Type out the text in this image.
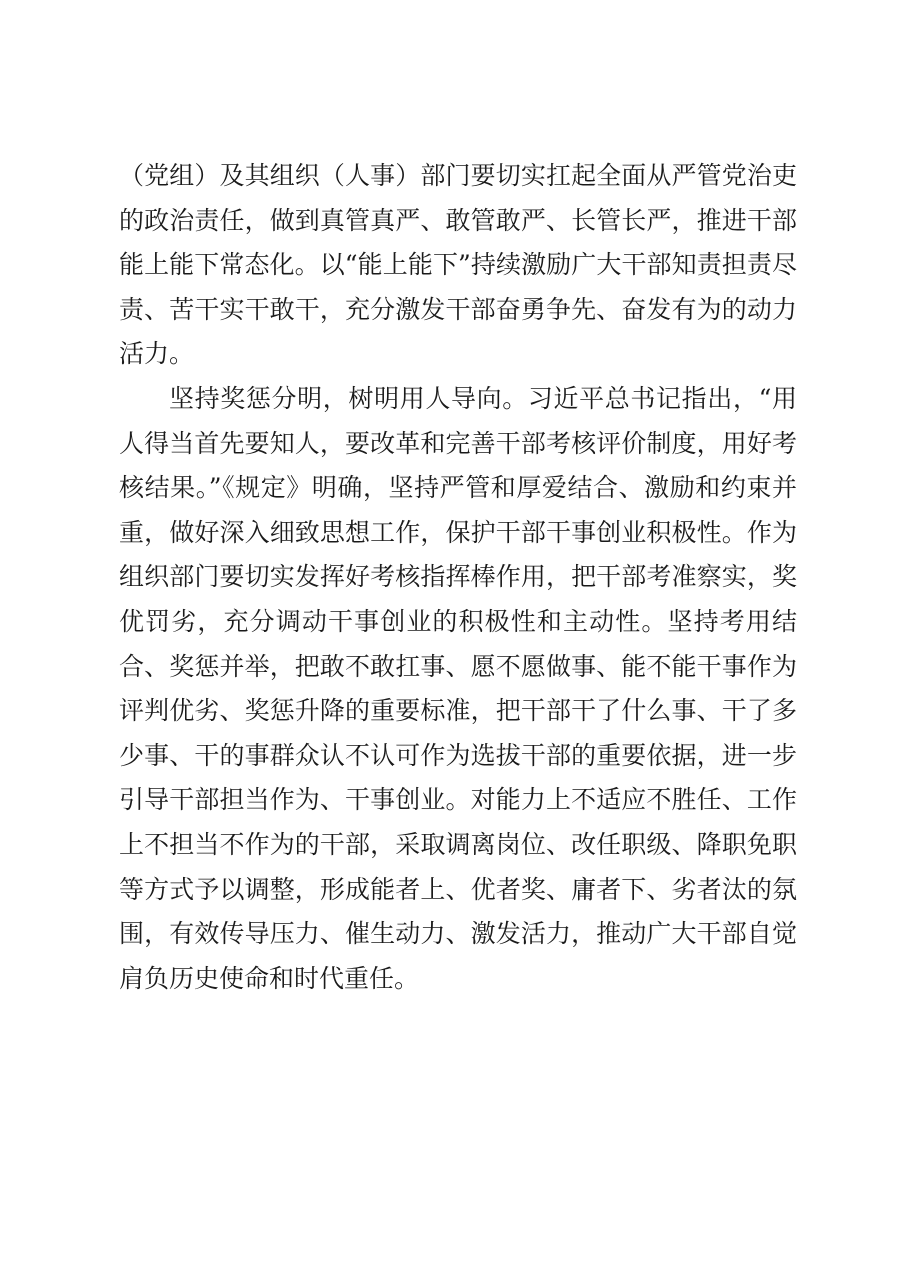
（党组）及其组织（人事）部门要切实扛起全面从严管党治吏的政治责任，做到真管真严、敢管敢严、长管长严，推进干部能上能下常态化。以“能上能下”持续激励广大干部知责担责尽责、苦干实干敢干，充分激发干部奋勇争先、奋发有为的动力活力。

坚持奖惩分明，树明用人导向。习近平总书记指出，“用人得当首先要知人，要改革和完善干部考核评价制度，用好考核结果。”《规定》明确，坚持严管和厚爱结合、激励和约束并重，做好深入细致思想工作，保护干部干事创业积极性。作为组织部门要切实发挥好考核指挥棒作用，把干部考准察实，奖优罚劣，充分调动干事创业的积极性和主动性。坚持考用结合、奖惩并举，把敢不敢扛事、愿不愿做事、能不能干事作为评判优劣、奖惩升降的重要标准，把干部干了什么事、干了多少事、干的事群众认不认可作为选拔干部的重要依据，进一步引导干部担当作为、干事创业。对能力上不适应不胜任、工作上不担当不作为的干部，采取调离岗位、改任职级、降职免职等方式予以调整，形成能者上、优者奖、庸者下、劣者汰的氛围，有效传导压力、催生动力、激发活力，推动广大干部自觉肩负历史使命和时代重任。
